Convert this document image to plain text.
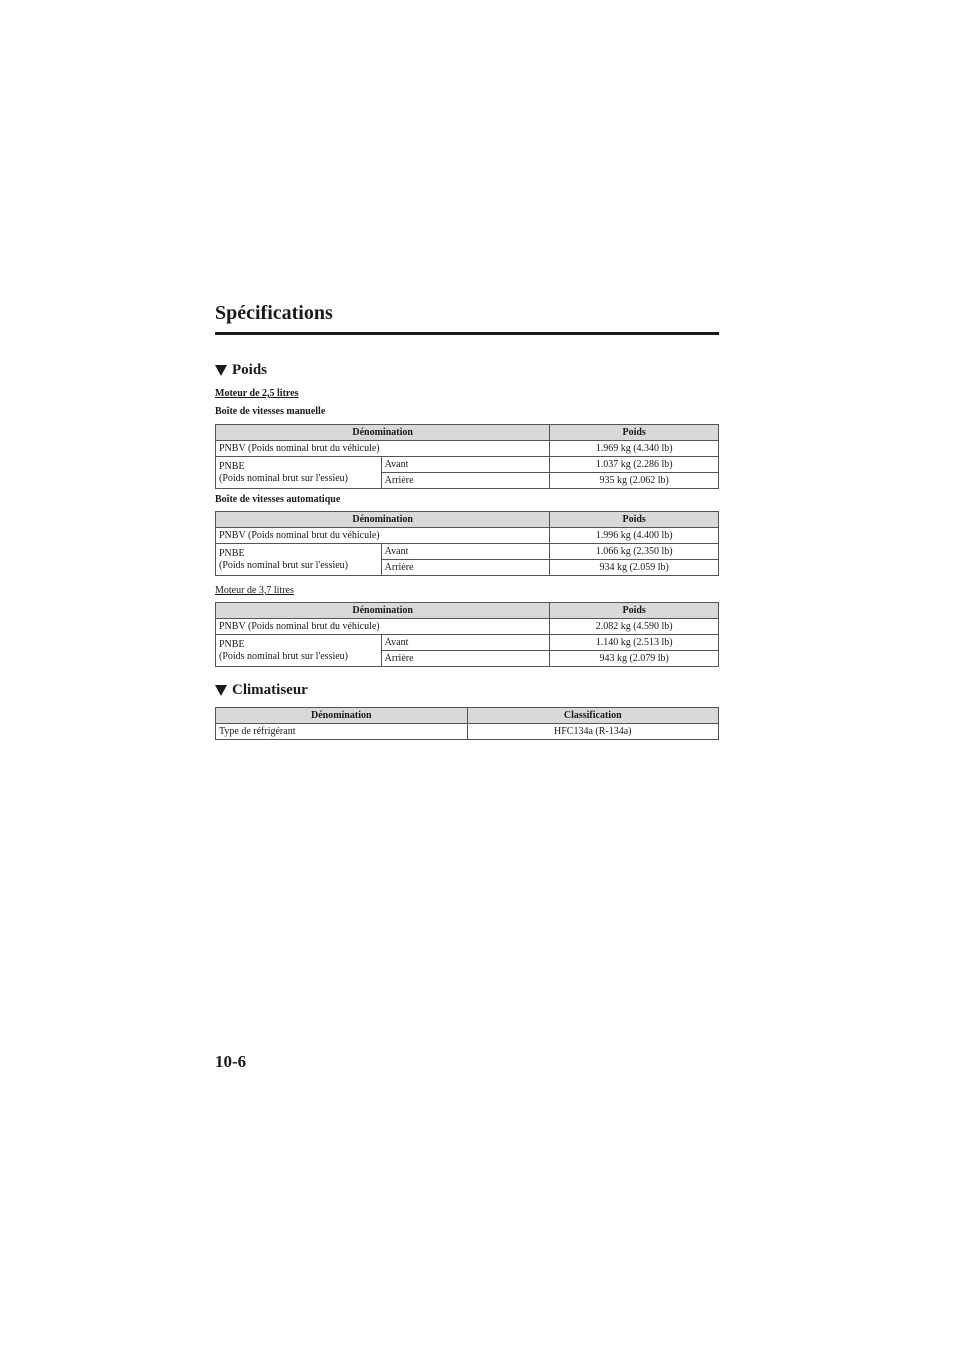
Spécifications
Poids
Moteur de 2,5 litres
Boîte de vitesses manuelle
Dénomination		Poids
PNBV (Poids nominal brut du véhicule)		1.969 kg (4.340 lb)
PNBE
(Poids nominal brut sur l'essieu)	Avant	1.037 kg (2.286 lb)
	Arrière	935 kg (2.062 lb)
Boîte de vitesses automatique
Dénomination		Poids
PNBV (Poids nominal brut du véhicule)		1.996 kg (4.400 lb)
PNBE
(Poids nominal brut sur l'essieu)	Avant	1.066 kg (2.350 lb)
	Arrière	934 kg (2.059 lb)
Moteur de 3,7 litres
Dénomination		Poids
PNBV (Poids nominal brut du véhicule)		2.082 kg (4.590 lb)
PNBE
(Poids nominal brut sur l'essieu)	Avant	1.140 kg (2.513 lb)
	Arrière	943 kg (2.079 lb)
Climatiseur
Dénomination	Classification
Type de réfrigérant	HFC134a (R-134a)
10-6
